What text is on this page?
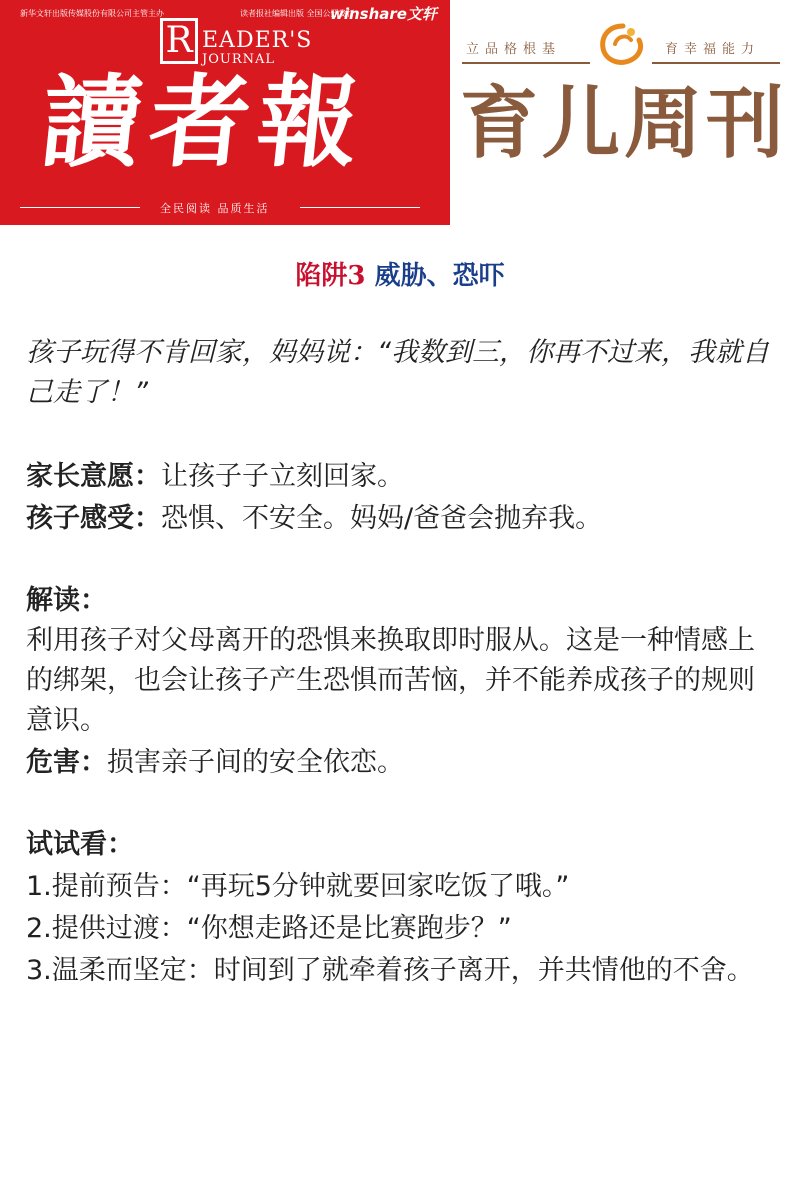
新华文轩出版传媒股份有限公司主管主办	读者报社编辑出版 全国公开发行
winshare文轩
R EADER'S
JOURNAL
讀者報
全民阅读 品质生活
立品格根基	育幸福能力
育儿周刊
陷阱3 威胁、恐吓
孩子玩得不肯回家，妈妈说：“我数到三，你再不过来，我就自己走了！”
家长意愿：让孩子子立刻回家。
孩子感受：恐惧、不安全。妈妈/爸爸会抛弃我。
解读：
利用孩子对父母离开的恐惧来换取即时服从。这是一种情感上的绑架，也会让孩子产生恐惧而苦恼，并不能养成孩子的规则意识。
危害：损害亲子间的安全依恋。
试试看：
1.提前预告：“再玩5分钟就要回家吃饭了哦。”
2.提供过渡：“你想走路还是比赛跑步？”
3.温柔而坚定：时间到了就牵着孩子离开，并共情他的不舍。
